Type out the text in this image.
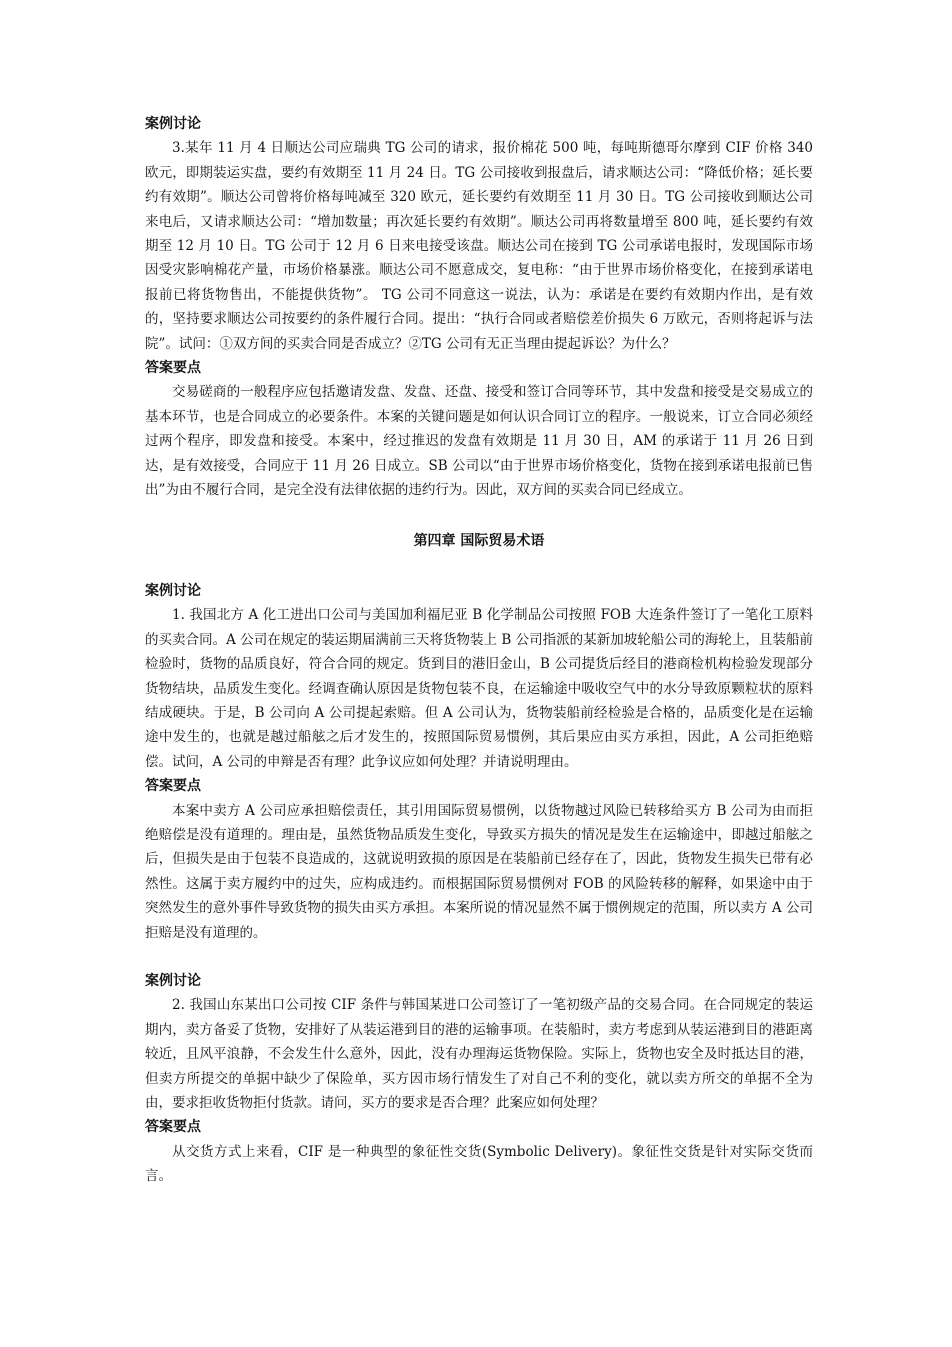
案例讨论

3.某年 11 月 4 日顺达公司应瑞典 TG 公司的请求，报价棉花 500 吨，每吨斯德哥尔摩到 CIF 价格 340 欧元，即期装运实盘，要约有效期至 11 月 24 日。TG 公司接收到报盘后，请求顺达公司：“降低价格；延长要约有效期”。顺达公司曾将价格每吨减至 320 欧元，延长要约有效期至 11 月 30 日。TG 公司接收到顺达公司来电后，又请求顺达公司：“增加数量；再次延长要约有效期”。顺达公司再将数量增至 800 吨，延长要约有效期至 12 月 10 日。TG 公司于 12 月 6 日来电接受该盘。顺达公司在接到 TG 公司承诺电报时，发现国际市场因受灾影响棉花产量，市场价格暴涨。顺达公司不愿意成交，复电称：“由于世界市场价格变化，在接到承诺电报前已将货物售出，不能提供货物”。 TG 公司不同意这一说法，认为：承诺是在要约有效期内作出，是有效的，坚持要求顺达公司按要约的条件履行合同。提出：“执行合同或者赔偿差价损失 6 万欧元，否则将起诉与法院”。试问：①双方间的买卖合同是否成立？②TG 公司有无正当理由提起诉讼？为什么？

答案要点

交易磋商的一般程序应包括邀请发盘、发盘、还盘、接受和签订合同等环节，其中发盘和接受是交易成立的基本环节，也是合同成立的必要条件。本案的关键问题是如何认识合同订立的程序。一般说来，订立合同必须经过两个程序，即发盘和接受。本案中，经过推迟的发盘有效期是 11 月 30 日，AM 的承诺于 11 月 26 日到达，是有效接受，合同应于 11 月 26 日成立。SB 公司以“由于世界市场价格变化，货物在接到承诺电报前已售出”为由不履行合同，是完全没有法律依据的违约行为。因此，双方间的买卖合同已经成立。

第四章 国际贸易术语

案例讨论

1. 我国北方 A 化工进出口公司与美国加利福尼亚 B 化学制品公司按照 FOB 大连条件签订了一笔化工原料的买卖合同。A 公司在规定的装运期届满前三天将货物装上 B 公司指派的某新加坡轮船公司的海轮上，且装船前检验时，货物的品质良好，符合合同的规定。货到目的港旧金山，B 公司提货后经目的港商检机构检验发现部分货物结块，品质发生变化。经调查确认原因是货物包装不良，在运输途中吸收空气中的水分导致原颗粒状的原料结成硬块。于是，B 公司向 A 公司提起索赔。但 A 公司认为，货物装船前经检验是合格的，品质变化是在运输途中发生的，也就是越过船舷之后才发生的，按照国际贸易惯例，其后果应由买方承担，因此，A 公司拒绝赔偿。试问，A 公司的申辩是否有理？此争议应如何处理？并请说明理由。

答案要点

本案中卖方 A 公司应承担赔偿责任，其引用国际贸易惯例，以货物越过风险已转移给买方 B 公司为由而拒绝赔偿是没有道理的。理由是，虽然货物品质发生变化，导致买方损失的情况是发生在运输途中，即越过船舷之后，但损失是由于包装不良造成的，这就说明致损的原因是在装船前已经存在了，因此，货物发生损失已带有必然性。这属于卖方履约中的过失，应构成违约。而根据国际贸易惯例对 FOB 的风险转移的解释，如果途中由于突然发生的意外事件导致货物的损失由买方承担。本案所说的情况显然不属于惯例规定的范围，所以卖方 A 公司拒赔是没有道理的。

案例讨论

2. 我国山东某出口公司按 CIF 条件与韩国某进口公司签订了一笔初级产品的交易合同。在合同规定的装运期内，卖方备妥了货物，安排好了从装运港到目的港的运输事项。在装船时，卖方考虑到从装运港到目的港距离较近，且风平浪静，不会发生什么意外，因此，没有办理海运货物保险。实际上，货物也安全及时抵达目的港，但卖方所提交的单据中缺少了保险单，买方因市场行情发生了对自己不利的变化，就以卖方所交的单据不全为由，要求拒收货物拒付货款。请问，买方的要求是否合理？此案应如何处理？

答案要点

从交货方式上来看，CIF 是一种典型的象征性交货(Symbolic Delivery)。象征性交货是针对实际交货而言。
